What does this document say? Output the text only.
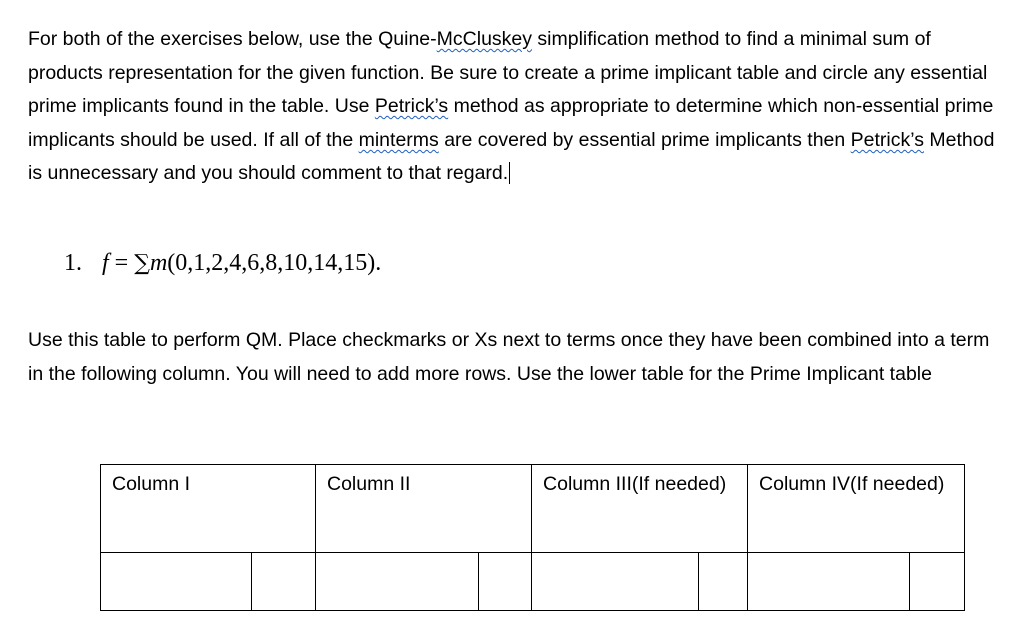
For both of the exercises below, use the Quine-McCluskey simplification method to find a minimal sum of products representation for the given function. Be sure to create a prime implicant table and circle any essential prime implicants found in the table. Use Petrick’s method as appropriate to determine which non-essential prime implicants should be used. If all of the minterms are covered by essential prime implicants then Petrick’s Method is unnecessary and you should comment to that regard.

1. f = ∑m(0,1,2,4,6,8,10,14,15).

Use this table to perform QM. Place checkmarks or Xs next to terms once they have been combined into a term in the following column. You will need to add more rows. Use the lower table for the Prime Implicant table

Column I		Column II		Column III(If needed)		Column IV(If needed)	
